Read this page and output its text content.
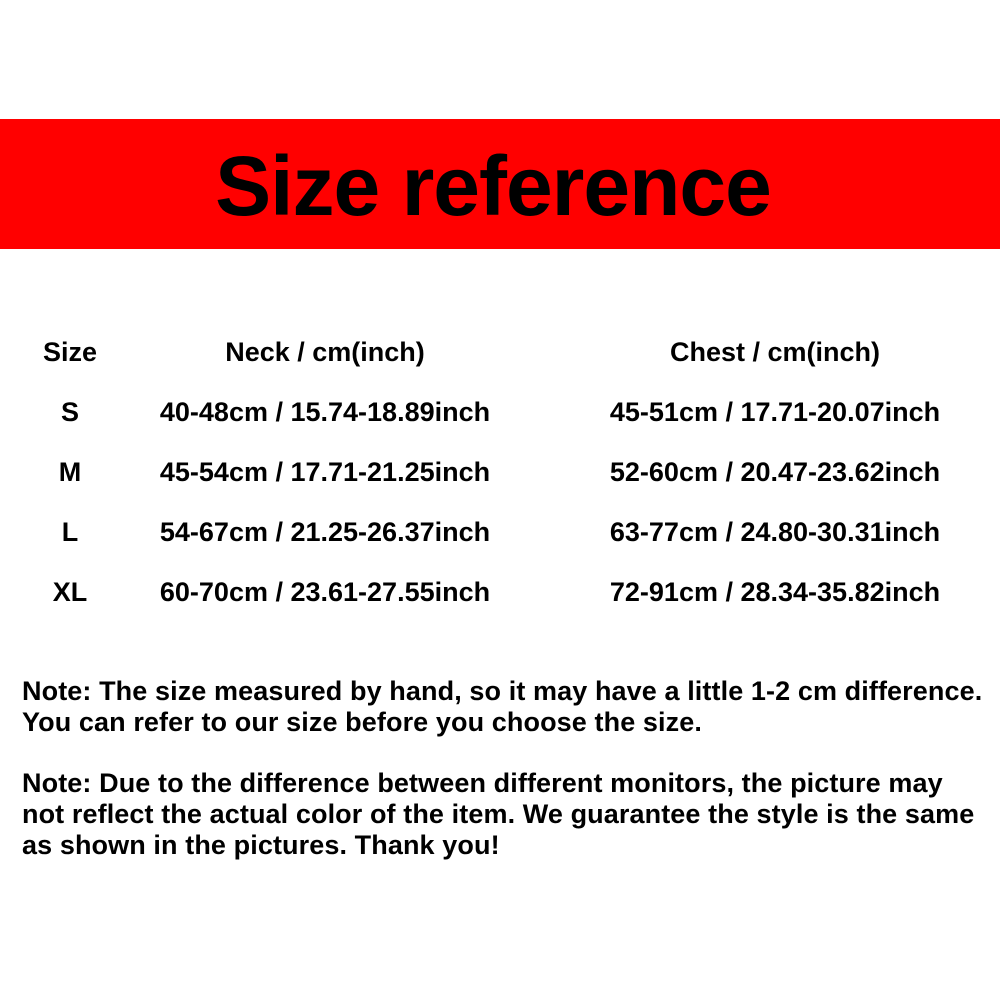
Size reference
Size	Neck / cm(inch)	Chest / cm(inch)
S	40-48cm / 15.74-18.89inch	45-51cm / 17.71-20.07inch
M	45-54cm / 17.71-21.25inch	52-60cm / 20.47-23.62inch
L	54-67cm / 21.25-26.37inch	63-77cm / 24.80-30.31inch
XL	60-70cm / 23.61-27.55inch	72-91cm / 28.34-35.82inch

Note: The size measured by hand, so it may have a little 1-2 cm difference. You can refer to our size before you choose the size.

Note: Due to the difference between different monitors, the picture may not reflect the actual color of the item. We guarantee the style is the same as shown in the pictures. Thank you!
